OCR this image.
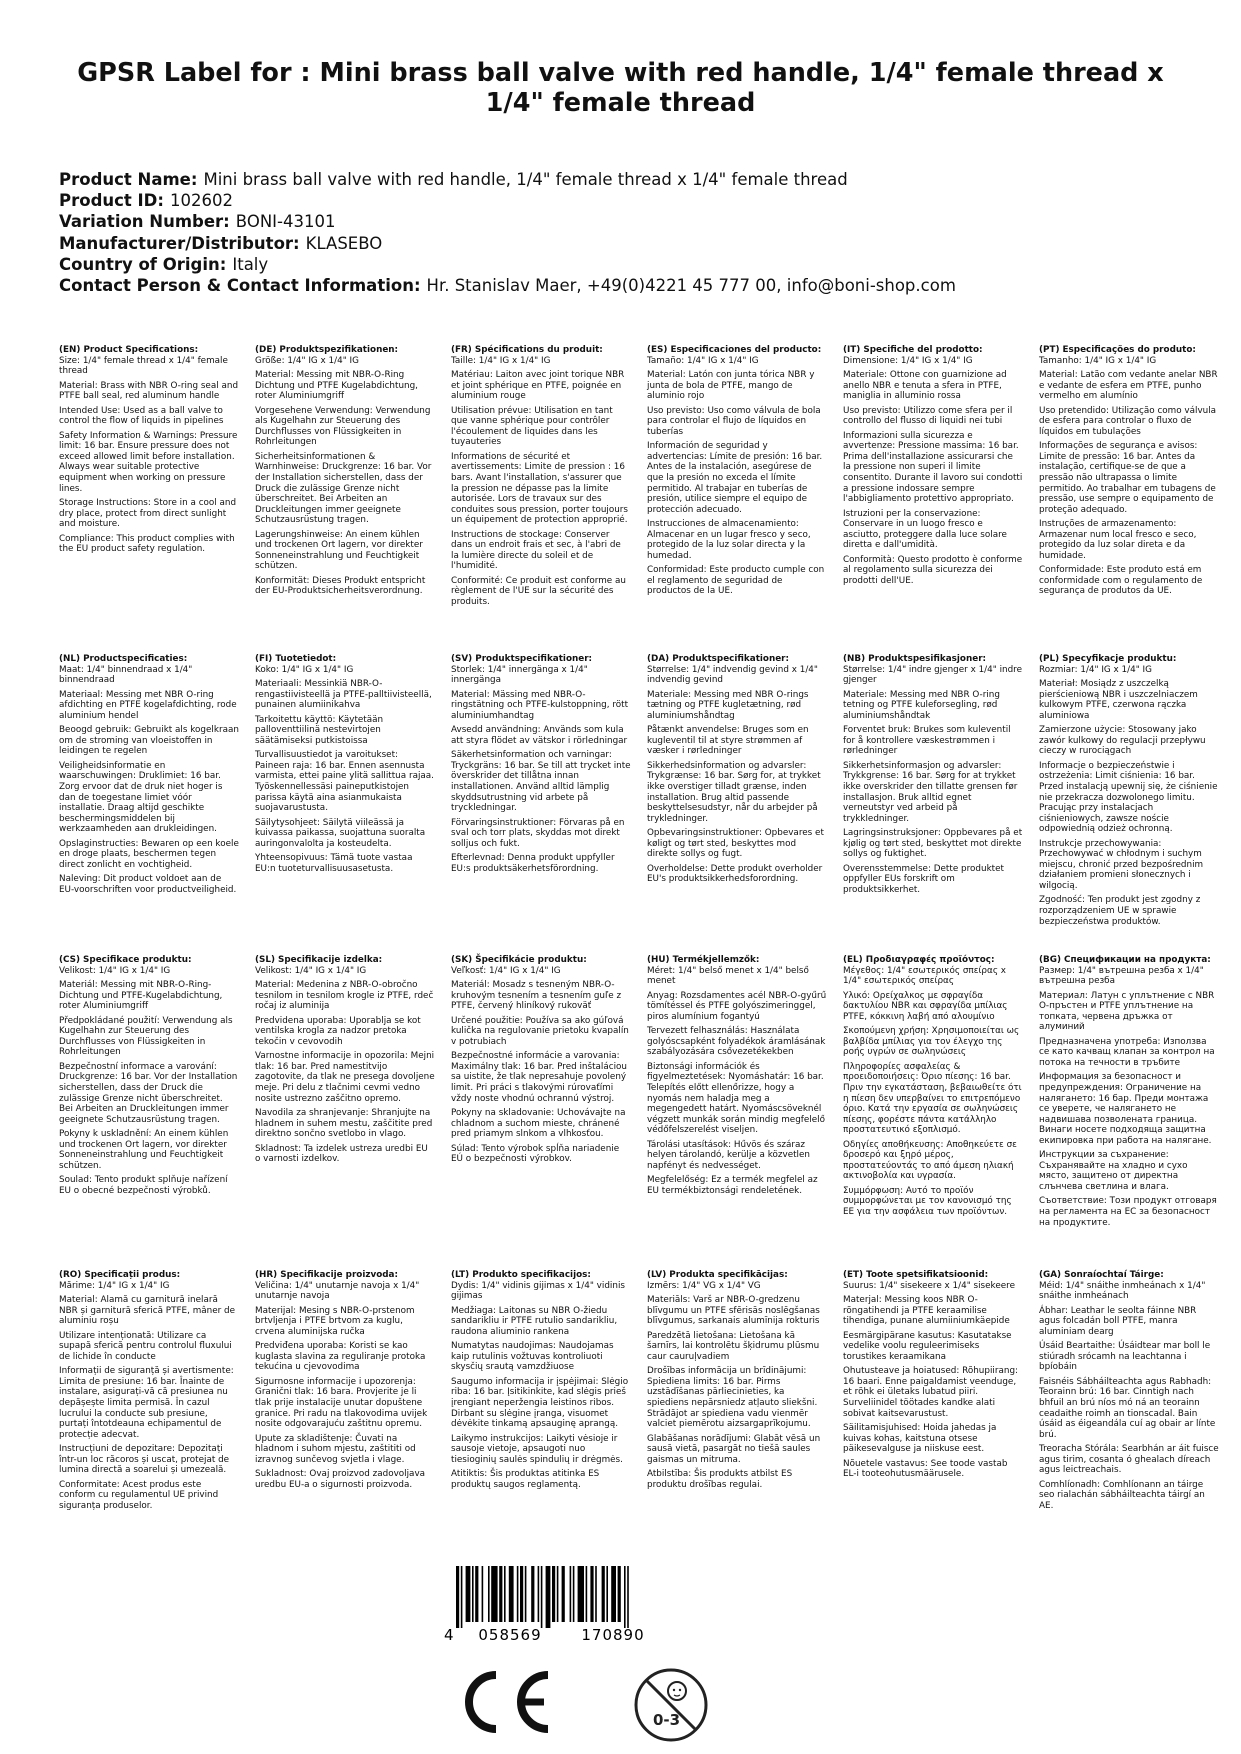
GPSR Label for : Mini brass ball valve with red handle, 1/4" female thread x 1/4" female thread
Product Name: Mini brass ball valve with red handle, 1/4" female thread x 1/4" female thread
Product ID: 102602
Variation Number: BONI-43101
Manufacturer/Distributor: KLASEBO
Country of Origin: Italy
Contact Person & Contact Information: Hr. Stanislav Maer, +49(0)4221 45 777 00, info@boni-shop.com
(EN) Product Specifications:

Size: 1/4" female thread x 1/4" female thread

Material: Brass with NBR O-ring seal and PTFE ball seal, red aluminum handle

Intended Use: Used as a ball valve to control the flow of liquids in pipelines

Safety Information & Warnings: Pressure limit: 16 bar. Ensure pressure does not exceed allowed limit before installation. Always wear suitable protective equipment when working on pressure lines.

Storage Instructions: Store in a cool and dry place, protect from direct sunlight and moisture.

Compliance: This product complies with the EU product safety regulation.

(DE) Produktspezifikationen:

Größe: 1/4" IG x 1/4" IG

Material: Messing mit NBR-O-Ring Dichtung und PTFE Kugelabdichtung, roter Aluminiumgriff

Vorgesehene Verwendung: Verwendung als Kugelhahn zur Steuerung des Durchflusses von Flüssigkeiten in Rohrleitungen

Sicherheitsinformationen & Warnhinweise: Druckgrenze: 16 bar. Vor der Installation sicherstellen, dass der Druck die zulässige Grenze nicht überschreitet. Bei Arbeiten an Druckleitungen immer geeignete Schutzausrüstung tragen.

Lagerungshinweise: An einem kühlen und trockenen Ort lagern, vor direkter Sonneneinstrahlung und Feuchtigkeit schützen.

Konformität: Dieses Produkt entspricht der EU-Produktsicherheitsverordnung.

(FR) Spécifications du produit:

Taille: 1/4" IG x 1/4" IG

Matériau: Laiton avec joint torique NBR et joint sphérique en PTFE, poignée en aluminium rouge

Utilisation prévue: Utilisation en tant que vanne sphérique pour contrôler l'écoulement de liquides dans les tuyauteries

Informations de sécurité et avertissements: Limite de pression : 16 bars. Avant l'installation, s'assurer que la pression ne dépasse pas la limite autorisée. Lors de travaux sur des conduites sous pression, porter toujours un équipement de protection approprié.

Instructions de stockage: Conserver dans un endroit frais et sec, à l'abri de la lumière directe du soleil et de l'humidité.

Conformité: Ce produit est conforme au règlement de l'UE sur la sécurité des produits.

(ES) Especificaciones del producto:

Tamaño: 1/4" IG x 1/4" IG

Material: Latón con junta tórica NBR y junta de bola de PTFE, mango de aluminio rojo

Uso previsto: Uso como válvula de bola para controlar el flujo de líquidos en tuberías

Información de seguridad y advertencias: Límite de presión: 16 bar. Antes de la instalación, asegúrese de que la presión no exceda el límite permitido. Al trabajar en tuberías de presión, utilice siempre el equipo de protección adecuado.

Instrucciones de almacenamiento: Almacenar en un lugar fresco y seco, protegido de la luz solar directa y la humedad.

Conformidad: Este producto cumple con el reglamento de seguridad de productos de la UE.

(IT) Specifiche del prodotto:

Dimensione: 1/4" IG x 1/4" IG

Materiale: Ottone con guarnizione ad anello NBR e tenuta a sfera in PTFE, maniglia in alluminio rossa

Uso previsto: Utilizzo come sfera per il controllo del flusso di liquidi nei tubi

Informazioni sulla sicurezza e avvertenze: Pressione massima: 16 bar. Prima dell'installazione assicurarsi che la pressione non superi il limite consentito. Durante il lavoro sui condotti a pressione indossare sempre l'abbigliamento protettivo appropriato.

Istruzioni per la conservazione: Conservare in un luogo fresco e asciutto, proteggere dalla luce solare diretta e dall'umidità.

Conformità: Questo prodotto è conforme al regolamento sulla sicurezza dei prodotti dell'UE.

(PT) Especificações do produto:

Tamanho: 1/4" IG x 1/4" IG

Material: Latão com vedante anelar NBR e vedante de esfera em PTFE, punho vermelho em alumínio

Uso pretendido: Utilização como válvula de esfera para controlar o fluxo de líquidos em tubulações

Informações de segurança e avisos: Limite de pressão: 16 bar. Antes da instalação, certifique-se de que a pressão não ultrapassa o limite permitido. Ao trabalhar em tubagens de pressão, use sempre o equipamento de proteção adequado.

Instruções de armazenamento: Armazenar num local fresco e seco, protegido da luz solar direta e da humidade.

Conformidade: Este produto está em conformidade com o regulamento de segurança de produtos da UE.

(NL) Productspecificaties:

Maat: 1/4" binnendraad x 1/4" binnendraad

Materiaal: Messing met NBR O-ring afdichting en PTFE kogelafdichting, rode aluminium hendel

Beoogd gebruik: Gebruikt als kogelkraan om de stroming van vloeistoffen in leidingen te regelen

Veiligheidsinformatie en waarschuwingen: Druklimiet: 16 bar. Zorg ervoor dat de druk niet hoger is dan de toegestane limiet vóór installatie. Draag altijd geschikte beschermingsmiddelen bij werkzaamheden aan drukleidingen.

Opslaginstructies: Bewaren op een koele en droge plaats, beschermen tegen direct zonlicht en vochtigheid.

Naleving: Dit product voldoet aan de EU-voorschriften voor productveiligheid.

(FI) Tuotetiedot:

Koko: 1/4" IG x 1/4" IG

Materiaali: Messinkiä NBR-O-rengastiivisteellä ja PTFE-palltiivisteellä, punainen alumiinikahva

Tarkoitettu käyttö: Käytetään palloventtiilinä nestevirtojen säätämiseksi putkistoissa

Turvallisuustiedot ja varoitukset: Paineen raja: 16 bar. Ennen asennusta varmista, ettei paine ylitä sallittua rajaa. Työskennellessäsi paineputkistojen parissa käytä aina asianmukaista suojavarustusta.

Säilytysohjeet: Säilytä viileässä ja kuivassa paikassa, suojattuna suoralta auringonvalolta ja kosteudelta.

Yhteensopivuus: Tämä tuote vastaa EU:n tuoteturvallisuusasetusta.

(SV) Produktspecifikationer:

Storlek: 1/4" innergänga x 1/4" innergänga

Material: Mässing med NBR-O-ringstätning och PTFE-kulstoppning, rött aluminiumhandtag

Avsedd användning: Används som kula att styra flödet av vätskor i rörledningar

Säkerhetsinformation och varningar: Tryckgräns: 16 bar. Se till att trycket inte överskrider det tillåtna innan installationen. Använd alltid lämplig skyddsutrustning vid arbete på tryckledningar.

Förvaringsinstruktioner: Förvaras på en sval och torr plats, skyddas mot direkt solljus och fukt.

Efterlevnad: Denna produkt uppfyller EU:s produktsäkerhetsförordning.

(DA) Produktspecifikationer:

Størrelse: 1/4" indvendig gevind x 1/4" indvendig gevind

Materiale: Messing med NBR O-rings tætning og PTFE kugletætning, rød aluminiumshåndtag

Påtænkt anvendelse: Bruges som en kugleventil til at styre strømmen af væsker i rørledninger

Sikkerhedsinformation og advarsler: Trykgrænse: 16 bar. Sørg for, at trykket ikke overstiger tilladt grænse, inden installation. Brug altid passende beskyttelsesudstyr, når du arbejder på trykledninger.

Opbevaringsinstruktioner: Opbevares et køligt og tørt sted, beskyttes mod direkte sollys og fugt.

Overholdelse: Dette produkt overholder EU's produktsikkerhedsforordning.

(NB) Produktspesifikasjoner:

Størrelse: 1/4" indre gjenger x 1/4" indre gjenger

Materiale: Messing med NBR O-ring tetning og PTFE kuleforsegling, rød aluminiumshåndtak

Forventet bruk: Brukes som kuleventil for å kontrollere væskestrømmen i rørledninger

Sikkerhetsinformasjon og advarsler: Trykkgrense: 16 bar. Sørg for at trykket ikke overskrider den tillatte grensen før installasjon. Bruk alltid egnet verneutstyr ved arbeid på trykkledninger.

Lagringsinstruksjoner: Oppbevares på et kjølig og tørt sted, beskyttet mot direkte sollys og fuktighet.

Overensstemmelse: Dette produktet oppfyller EUs forskrift om produktsikkerhet.

(PL) Specyfikacje produktu:

Rozmiar: 1/4" IG x 1/4" IG

Materiał: Mosiądz z uszczelką pierścieniową NBR i uszczelniaczem kulkowym PTFE, czerwona rączka aluminiowa

Zamierzone użycie: Stosowany jako zawór kulkowy do regulacji przepływu cieczy w rurociągach

Informacje o bezpieczeństwie i ostrzeżenia: Limit ciśnienia: 16 bar. Przed instalacją upewnij się, że ciśnienie nie przekracza dozwolonego limitu. Pracując przy instalacjach ciśnieniowych, zawsze noście odpowiednią odzież ochronną.

Instrukcje przechowywania: Przechowywać w chłodnym i suchym miejscu, chronić przed bezpośrednim działaniem promieni słonecznych i wilgocią.

Zgodność: Ten produkt jest zgodny z rozporządzeniem UE w sprawie bezpieczeństwa produktów.

(CS) Specifikace produktu:

Velikost: 1/4" IG x 1/4" IG

Materiál: Messing mit NBR-O-Ring-Dichtung und PTFE-Kugelabdichtung, roter Aluminiumgriff

Předpokládané použití: Verwendung als Kugelhahn zur Steuerung des Durchflusses von Flüssigkeiten in Rohrleitungen

Bezpečnostní informace a varování: Druckgrenze: 16 bar. Vor der Installation sicherstellen, dass der Druck die zulässige Grenze nicht überschreitet. Bei Arbeiten an Druckleitungen immer geeignete Schutzausrüstung tragen.

Pokyny k uskladnění: An einem kühlen und trockenen Ort lagern, vor direkter Sonneneinstrahlung und Feuchtigkeit schützen.

Soulad: Tento produkt splňuje nařízení EU o obecné bezpečnosti výrobků.

(SL) Specifikacije izdelka:

Velikost: 1/4" IG x 1/4" IG

Material: Medenina z NBR-O-obročno tesnilom in tesnilom krogle iz PTFE, rdeč ročaj iz aluminija

Predvidena uporaba: Uporablja se kot ventilska krogla za nadzor pretoka tekočin v cevovodih

Varnostne informacije in opozorila: Mejni tlak: 16 bar. Pred namestitvijo zagotovite, da tlak ne presega dovoljene meje. Pri delu z tlačnimi cevmi vedno nosite ustrezno zaščitno opremo.

Navodila za shranjevanje: Shranjujte na hladnem in suhem mestu, zaščitite pred direktno sončno svetlobo in vlago.

Skladnost: Ta izdelek ustreza uredbi EU o varnosti izdelkov.

(SK) Špecifikácie produktu:

Veľkosť: 1/4" IG x 1/4" IG

Materiál: Mosadz s tesneným NBR-O-kruhovým tesnením a tesnením guľe z PTFE, červený hliníkový rukoväť

Určené použitie: Používa sa ako gúľová kulička na regulovanie prietoku kvapalín v potrubiach

Bezpečnostné informácie a varovania: Maximálny tlak: 16 bar. Pred inštaláciou sa uistite, že tlak nepresahuje povolený limit. Pri práci s tlakovými rúrovaťími vždy noste vhodnú ochrannú výstroj.

Pokyny na skladovanie: Uchovávajte na chladnom a suchom mieste, chránené pred priamym slnkom a vlhkosťou.

Súlad: Tento výrobok spĺňa nariadenie EÚ o bezpečnosti výrobkov.

(HU) Termékjellemzők:

Méret: 1/4" belső menet x 1/4" belső menet

Anyag: Rozsdamentes acél NBR-O-gyűrű tömítéssel és PTFE golyószimeringgel, piros alumínium fogantyú

Tervezett felhasználás: Használata golyóscsapként folyadékok áramlásának szabályozására csővezetékekben

Biztonsági információk és figyelmeztetések: Nyomáshatár: 16 bar. Telepítés előtt ellenőrizze, hogy a nyomás nem haladja meg a megengedett határt. Nyomáscsöveknél végzett munkák során mindig megfelelő védőfelszerelést viseljen.

Tárolási utasítások: Hűvös és száraz helyen tárolandó, kerülje a közvetlen napfényt és nedvességet.

Megfelelőség: Ez a termék megfelel az EU termékbiztonsági rendeletének.

(EL) Προδιαγραφές προϊόντος:

Μέγεθος: 1/4" εσωτερικός σπείρας x 1/4" εσωτερικός σπείρας

Υλικό: Ορείχαλκος με σφραγίδα δακτυλίου NBR και σφραγίδα μπίλιας PTFE, κόκκινη λαβή από αλουμίνιο

Σκοπούμενη χρήση: Χρησιμοποιείται ως βαλβίδα μπίλιας για τον έλεγχο της ροής υγρών σε σωληνώσεις

Πληροφορίες ασφαλείας & προειδοποιήσεις: Όριο πίεσης: 16 bar. Πριν την εγκατάσταση, βεβαιωθείτε ότι η πίεση δεν υπερβαίνει το επιτρεπόμενο όριο. Κατά την εργασία σε σωληνώσεις πίεσης, φορέστε πάντα κατάλληλο προστατευτικό εξοπλισμό.

Οδηγίες αποθήκευσης: Αποθηκεύετε σε δροσερό και ξηρό μέρος, προστατεύοντάς το από άμεση ηλιακή ακτινοβολία και υγρασία.

Συμμόρφωση: Αυτό το προϊόν συμμορφώνεται με τον κανονισμό της ΕΕ για την ασφάλεια των προϊόντων.

(BG) Спецификации на продукта:

Размер: 1/4" вътрешна резба x 1/4" вътрешна резба

Материал: Латун с уплътнение с NBR О-пръстен и PTFE уплътнение на топката, червена дръжка от алуминий

Предназначена употреба: Използва се като качващ клапан за контрол на потока на течности в тръбите

Информация за безопасност и предупреждения: Ограничение на налягането: 16 бар. Преди монтажа се уверете, че налягането не надвишава позволената граница. Винаги носете подходяща защитна екипировка при работа на налягане.

Инструкции за съхранение: Съхранявайте на хладно и сухо място, защитено от директна слънчева светлина и влага.

Съответствие: Този продукт отговаря на регламента на ЕС за безопасност на продуктите.

(RO) Specificații produs:

Mărime: 1/4" IG x 1/4" IG

Material: Alamă cu garnitură inelară NBR și garnitură sferică PTFE, mâner de aluminiu roșu

Utilizare intenționată: Utilizare ca supapă sferică pentru controlul fluxului de lichide în conducte

Informații de siguranță și avertismente: Limita de presiune: 16 bar. Înainte de instalare, asigurați-vă că presiunea nu depășește limita permisă. În cazul lucrului la conducte sub presiune, purtați întotdeauna echipamentul de protecție adecvat.

Instrucțiuni de depozitare: Depozitați într-un loc răcoros și uscat, protejat de lumina directă a soarelui și umezeală.

Conformitate: Acest produs este conform cu regulamentul UE privind siguranța produselor.

(HR) Specifikacije proizvoda:

Veličina: 1/4" unutarnje navoja x 1/4" unutarnje navoja

Materijal: Mesing s NBR-O-prstenom brtvljenja i PTFE brtvom za kuglu, crvena aluminijska ručka

Predviđena uporaba: Koristi se kao kuglasta slavina za reguliranje protoka tekućina u cjevovodima

Sigurnosne informacije i upozorenja: Granični tlak: 16 bara. Provjerite je li tlak prije instalacije unutar dopuštene granice. Pri radu na tlakovodima uvijek nosite odgovarajuću zaštitnu opremu.

Upute za skladištenje: Čuvati na hladnom i suhom mjestu, zaštititi od izravnog sunčevog svjetla i vlage.

Sukladnost: Ovaj proizvod zadovoljava uredbu EU-a o sigurnosti proizvoda.

(LT) Produkto specifikacijos:

Dydis: 1/4" vidinis gijimas x 1/4" vidinis gijimas

Medžiaga: Laitonas su NBR O-žiedu sandarikliu ir PTFE rutulio sandarikliu, raudona aliuminio rankena

Numatytas naudojimas: Naudojamas kaip rutulinis vožtuvas kontroliuoti skysčių srautą vamzdžiuose

Saugumo informacija ir įspėjimai: Slėgio riba: 16 bar. Įsitikinkite, kad slėgis prieš įrengiant neperžengia leistinos ribos. Dirbant su slėgine įranga, visuomet dėvėkite tinkamą apsauginę aprangą.

Laikymo instrukcijos: Laikyti vėsioje ir sausoje vietoje, apsaugoti nuo tiesioginių saulės spindulių ir drėgmės.

Atitiktis: Šis produktas atitinka ES produktų saugos reglamentą.

(LV) Produkta specifikācijas:

Izmērs: 1/4" VG x 1/4" VG

Materiāls: Varš ar NBR-O-gredzenu blīvgumu un PTFE sfērisās noslēgšanas blīvgumus, sarkanais alumīnija rokturis

Paredzētā lietošana: Lietošana kā šarnīrs, lai kontrolētu šķidrumu plūsmu caur cauruļvadiem

Drošības informācija un brīdinājumi: Spiediena limits: 16 bar. Pirms uzstādīšanas pārliecinieties, ka spiediens nepārsniedz atļauto sliekšni. Strādājot ar spiediena vadu vienmēr valciet piemērotu aizsargaprīkojumu.

Glabāšanas norādījumi: Glabāt vēsā un sausā vietā, pasargāt no tiešā saules gaismas un mitruma.

Atbilstība: Šis produkts atbilst ES produktu drošības regulai.

(ET) Toote spetsifikatsioonid:

Suurus: 1/4" sisekeere x 1/4" sisekeere

Materjal: Messing koos NBR O-rõngatihendi ja PTFE keraamilise tihendiga, punane alumiiniumkäepide

Eesmärgipärane kasutus: Kasutatakse vedelike voolu reguleerimiseks torustikes keraamikana

Ohutusteave ja hoiatused: Rõhupiirang: 16 baari. Enne paigaldamist veenduge, et rõhk ei ületaks lubatud piiri. Surveliinidel töötades kandke alati sobivat kaitsevarustust.

Säilitamisjuhised: Hoida jahedas ja kuivas kohas, kaitstuna otsese päikesevalguse ja niiskuse eest.

Nõuetele vastavus: See toode vastab EL-i tooteohutusmäärusele.

(GA) Sonraíochtaí Táirge:

Méid: 1/4" snáithe inmheánach x 1/4" snáithe inmheánach

Ábhar: Leathar le seolta fáinne NBR agus folcadán boll PTFE, manra aluminiam dearg

Úsáid Beartaithe: Úsáidtear mar boll le stiúradh srócamh na leachtanna i bpíobáin

Faisnéis Sábháilteachta agus Rabhadh: Teorainn brú: 16 bar. Cinntigh nach bhfuil an brú níos mó ná an teorainn ceadaithe roimh an tionscadal. Bain úsáid as éigeandála cuí ag obair ar línte brú.

Treoracha Stórála: Searbhán ar áit fuisce agus tirim, cosanta ó ghealach díreach agus leictreachais.

Comhlíonadh: Comhlíonann an táirge seo rialachán sábháilteachta táirgí an AE.

4 058569	170890
0-3
